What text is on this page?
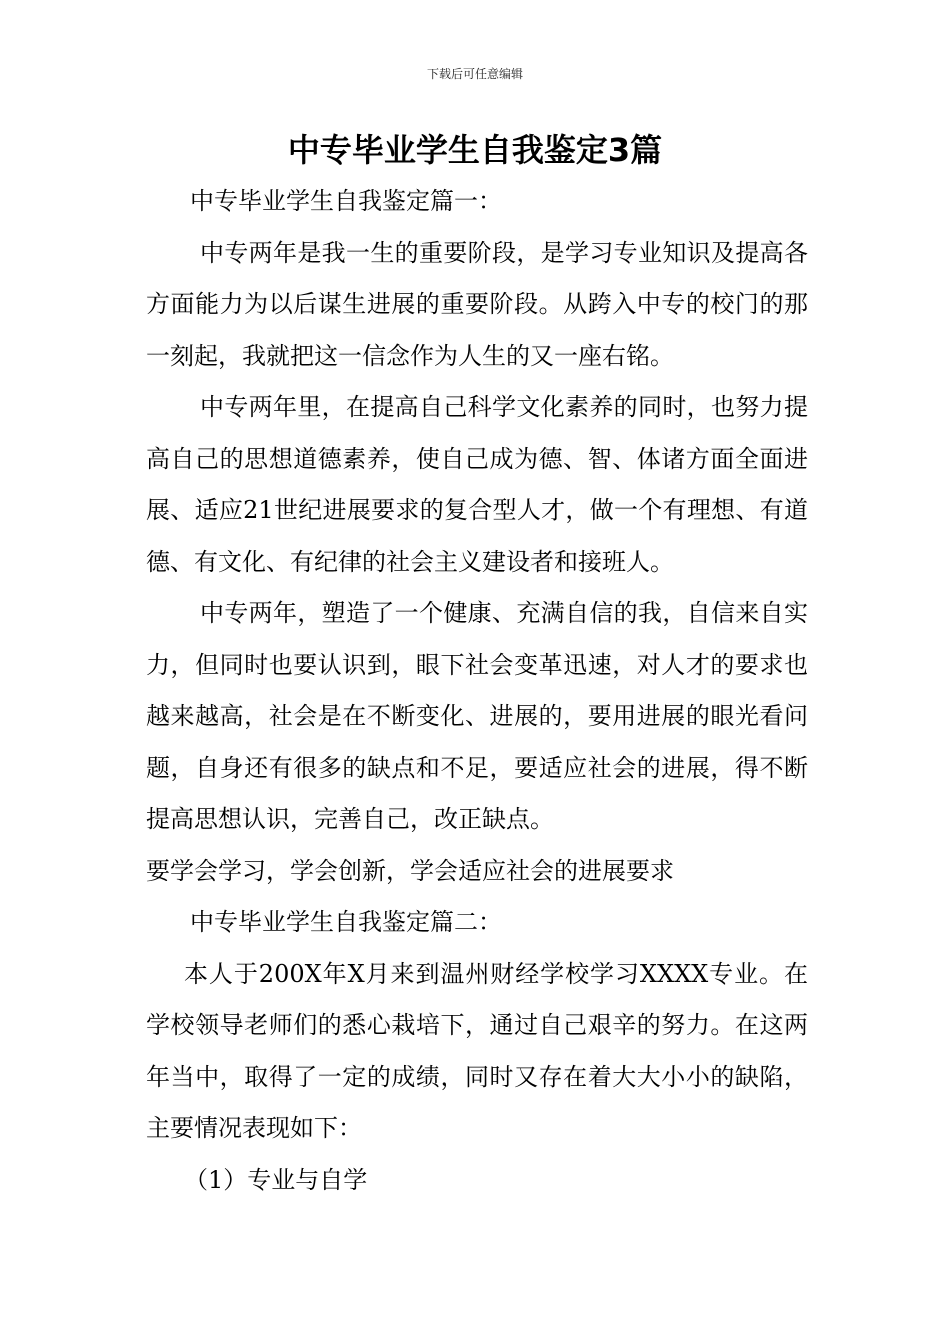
下载后可任意编辑
中专毕业学生自我鉴定3篇

中专毕业学生自我鉴定篇一：

中专两年是我一生的重要阶段，是学习专业知识及提高各方面能力为以后谋生进展的重要阶段。从跨入中专的校门的那一刻起，我就把这一信念作为人生的又一座右铭。

中专两年里，在提高自己科学文化素养的同时，也努力提高自己的思想道德素养，使自己成为德、智、体诸方面全面进展、适应21世纪进展要求的复合型人才，做一个有理想、有道德、有文化、有纪律的社会主义建设者和接班人。

中专两年，塑造了一个健康、充满自信的我，自信来自实力，但同时也要认识到，眼下社会变革迅速，对人才的要求也越来越高，社会是在不断变化、进展的，要用进展的眼光看问题，自身还有很多的缺点和不足，要适应社会的进展，得不断提高思想认识，完善自己，改正缺点。

要学会学习，学会创新，学会适应社会的进展要求

中专毕业学生自我鉴定篇二：

本人于200X年X月来到温州财经学校学习XXXX专业。在学校领导老师们的悉心栽培下，通过自己艰辛的努力。在这两年当中，取得了一定的成绩，同时又存在着大大小小的缺陷，主要情况表现如下：

（1）专业与自学
